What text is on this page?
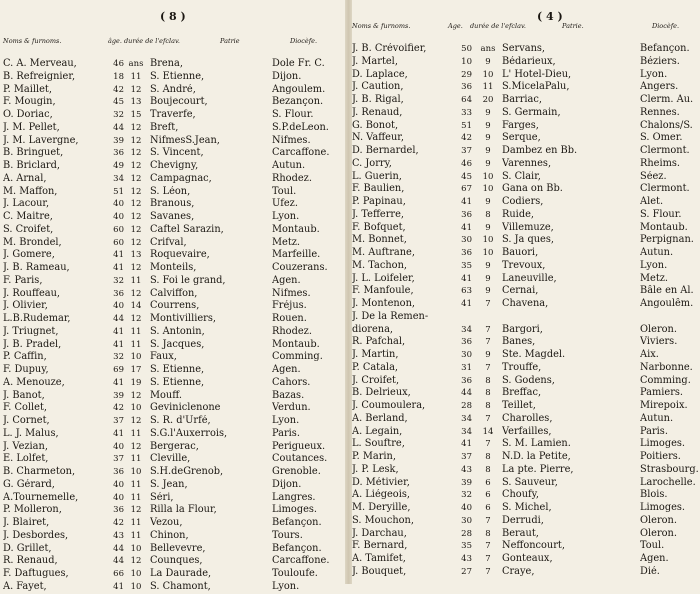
( 8 )
Noms & furnoms.	âge. durée de l'efclav.	Patrie	Diocèfe.
C. A. Merveau,	46 ans Brena,	Dole Fr. C.
B. Refreignier,	18 11 S. Etienne,	Dijon.
P. Maillet,	42 12 S. André,	Angoulem.
F. Mougin,	45 13 Boujecourt,	Bezançon.
O. Doriac,	32 15 Traverfe,	S. Flour.
J. M. Pellet,	44 12 Breft,	S.P.deLeon.
J. M. Lavergne,	39 12 NifmesS.Jean,	Nifmes.
B. Bringuet,	36 12 S. Vincent,	Carcaffone.
B. Briclard,	49 12 Chevigny,	Autun.
A. Arnal,	34 12 Campagnac,	Rhodez.
M. Maffon,	51 12 S. Léon,	Toul.
J. Lacour,	40 12 Branous,	Ufez.
C. Maitre,	40 12 Savanes,	Lyon.
S. Croifet,	60 12 Caftel Sarazin,	Montaub.
M. Brondel,	60 12 Crifval,	Metz.
J. Gomere,	41 13 Roquevaire,	Marfeille.
J. B. Rameau,	41 12 Monteils,	Couzerans.
F. Paris,	32 11 S. Foi le grand,	Agen.
J. Rouffeau,	36 12 Calviffon,	Nifmes.
J. Olivier,	40 14 Courrens,	Fréjus.
L.B.Rudemar,	44 12 Montivilliers,	Rouen.
J. Triugnet,	41 11 S. Antonin,	Rhodez.
J. B. Pradel,	41 11 S. Jacques,	Montaub.
P. Caffin,	32 10 Faux,	Comming.
F. Dupuy,	69 17 S. Etienne,	Agen.
A. Menouze,	41 19 S. Etienne,	Cahors.
J. Banot,	39 12 Mouff.	Bazas.
F. Collet,	42 10 Geviniclenone	Verdun.
J. Cornet,	37 12 S. R. d'Urfé,	Lyon.
L. J. Malus,	41 11 S.G.l'Auxerrois,	Paris.
J. Vezian,	40 12 Bergerac,	Perigueux.
E. Lolfet,	37 11 Cleville,	Coutances.
B. Charmeton,	36 10 S.H.deGrenob,	Grenoble.
G. Gérard,	40 11 S. Jean,	Dijon.
A.Tournemelle,	40 11 Séri,	Langres.
P. Molleron,	36 12 Rilla la Flour,	Limoges.
J. Blairet,	42 11 Vezou,	Befançon.
J. Desbordes,	43 11 Chinon,	Tours.
D. Grillet,	44 10 Bellevevre,	Befançon.
R. Renaud,	44 12 Counques,	Carcaffone.
F. Daftugues,	66 10 La Daurade,	Touloufe.
A. Fayet,	41 10 S. Chamont,	Lyon.
( 4 )
Noms & furnoms.	Age. durée de l'efclav.	Patrie.	Diocèfe.
J. B. Crévoifier,	50 ans Servans,	Befançon.
J. Martel,	10	9	Bédarieux,	Béziers.
D. Laplace,	29	10 L' Hotel-Dieu,	Lyon.
J. Caution,	36	11 S.MicelaPalu,	Angers.
J. B. Rigal,	64	20 Barriac,	Clerm. Au.
J. Renaud,	33	9	S. Germain,	Rennes.
G. Bonot,	51	9	Farges,	Chalons/S.
N. Vaffeur,	42	9	Serque,	S. Omer.
D. Bernardel,	37	9	Dambez en Bb.	Clermont.
C. Jorry,	46	9	Varennes,	Rheims.
L. Guerin,	45	10 S. Clair,	Séez.
F. Baulien,	67	10 Gana on Bb.	Clermont.
P. Papinau,	41	9	Codiers,	Alet.
J. Tefferre,	36	8	Ruide,	S. Flour.
F. Bofquet,	41	9	Villemuze,	Montaub.
M. Bonnet,	30	10 S. Ja ques,	Perpignan.
M. Auftrane,	36	10 Bauori,	Autun.
M. Tachon,	35	9	Trevoux,	Lyon.
J. L. Loifeler,	41	9	Laneuville,	Metz.
F. Manfoule,	63	9	Cernai,	Bâle en Al.
J. Montenon,	41	7	Chavena,	Angoulêm.
J. De la Remen-
diorena,	34	7	Bargori,	Oleron.
R. Pafchal,	36	7	Banes,	Viviers.
J. Martin,	30	9	Ste. Magdel.	Aix.
P. Catala,	31	7	Trouffe,	Narbonne.
J. Croifet,	36	8	S. Godens,	Comming.
B. Delrieux,	44	8	Breffac,	Pamiers.
J. Coumoulera,	28	8	Teillet,	Mirepoix.
A. Berland,	34	7	Charolles,	Autun.
A. Legain,	34	14 Verfailles,	Paris.
L. Souftre,	41	7	S. M. Lamien.	Limoges.
P. Marin,	37	8	N.D. la Petite,	Poitiers.
J. P. Lesk,	43	8	La pte. Pierre,	Strasbourg.
D. Métivier,	39	6	S. Sauveur,	Larochelle.
A. Liégeois,	32	6	Choufy,	Blois.
M. Deryille,	40	6	S. Michel,	Limoges.
S. Mouchon,	30	7	Derrudi,	Oleron.
J. Darchau,	28	8	Beraut,	Oleron.
F. Bernard,	35	7	Neffoncourt,	Toul.
A. Tamifet,	43	7	Gonteaux,	Agen.
J. Bouquet,	27	7	Craye,	Dié.
